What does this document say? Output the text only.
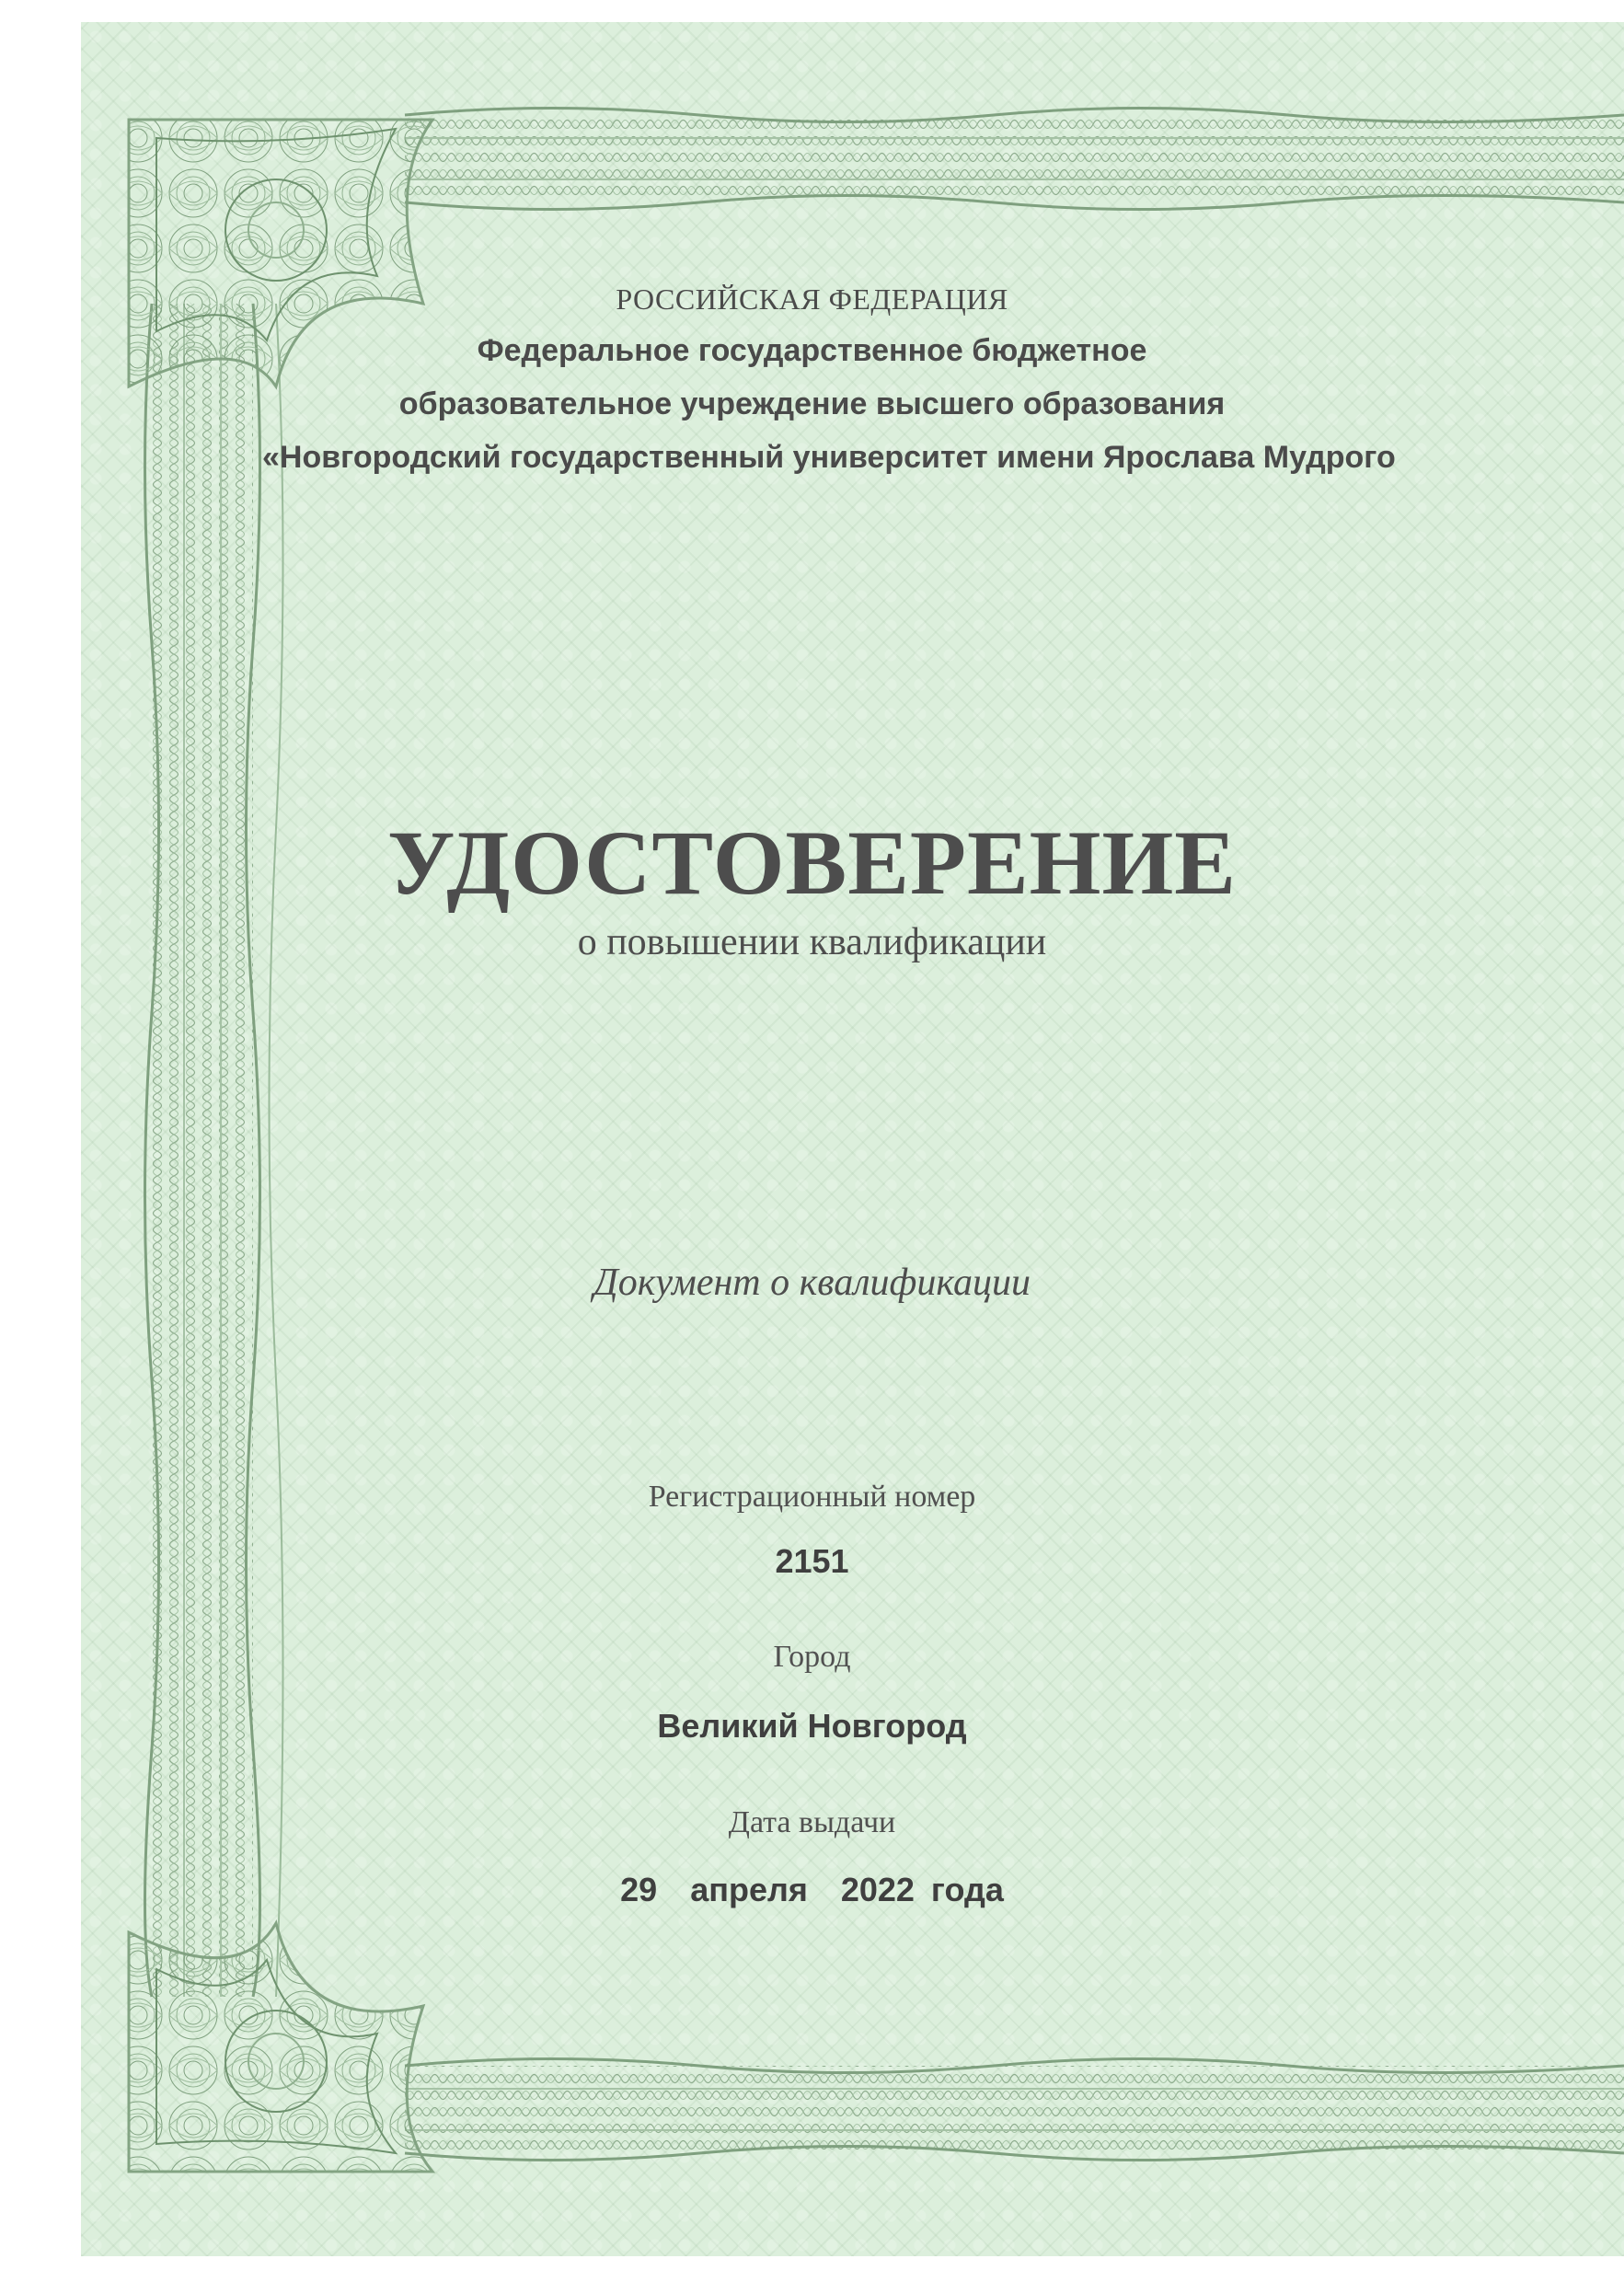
РОССИЙСКАЯ ФЕДЕРАЦИЯ
Федеральное государственное бюджетное
образовательное учреждение высшего образования
«Новгородский государственный университет имени Ярослава Мудрого
УДОСТОВЕРЕНИЕ
о повышении квалификации
Документ о квалификации
Регистрационный номер
2151
Город
Великий Новгород
Дата выдачи
29  апреля  2022 года
